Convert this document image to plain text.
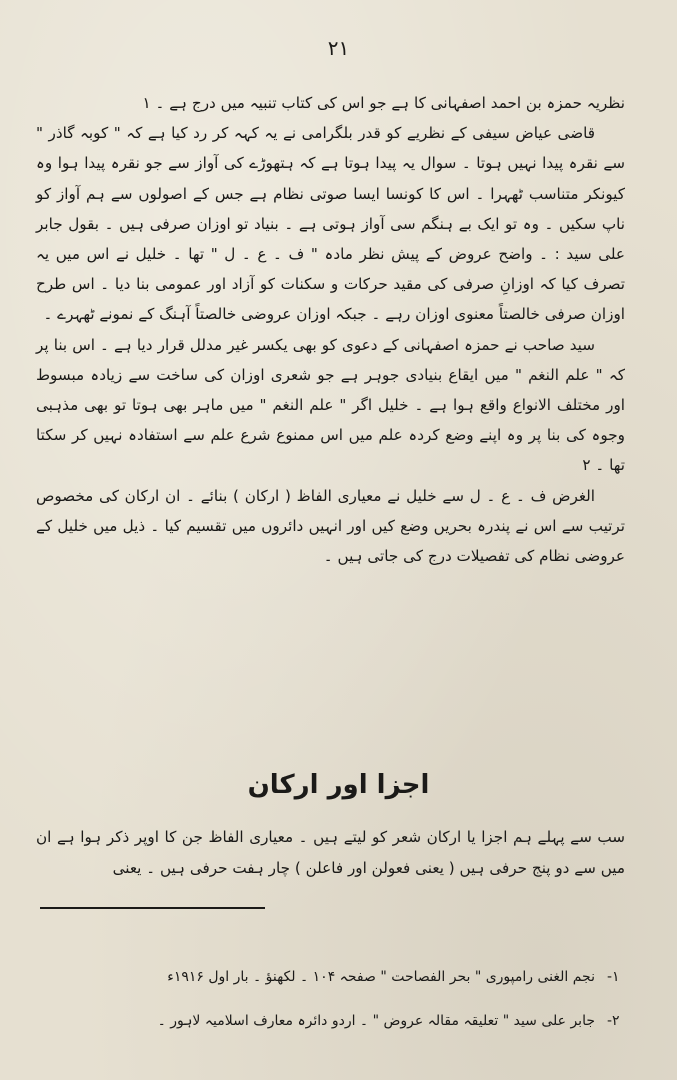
۲۱

نظریہ حمزہ بن احمد اصفہانی کا ہے جو اس کی کتاب تنبیہ میں درج ہے ۔ ١

قاضی عیاض سیفی کے نظریے کو قدر بلگرامی نے یہ کہہ کر رد کیا ہے کہ " کوبہ گاذر " سے نقرہ پیدا نہیں ہوتا ۔ سوال یہ پیدا ہوتا ہے کہ ہتھوڑے کی آواز سے جو نقرہ پیدا ہوا وہ کیونکر متناسب ٹھہرا ۔ اس کا کونسا ایسا صوتی نظام ہے جس کے اصولوں سے ہم آواز کو ناپ سکیں ۔ وہ تو ایک بے ہنگم سی آواز ہوتی ہے ۔ بنیاد تو اوزان صرفی ہیں ۔ بقول جابر علی سید : ۔ واضح عروض کے پیش نظر مادہ " ف ۔ ع ۔ ل " تھا ۔ خلیل نے اس میں یہ تصرف کیا کہ اوزانِ صرفی کی مقید حرکات و سکنات کو آزاد اور عمومی بنا دیا ۔ اس طرح اوزان صرفی خالصتاً معنوی اوزان رہے ۔ جبکہ اوزان عروضی خالصتاً آہنگ کے نمونے ٹھہرے ۔

سید صاحب نے حمزہ اصفہانی کے دعوی کو بھی یکسر غیر مدلل قرار دیا ہے ۔ اس بنا پر کہ " علم النغم " میں ایقاع بنیادی جوہر ہے جو شعری اوزان کی ساخت سے زیادہ مبسوط اور مختلف الانواع واقع ہوا ہے ۔ خلیل اگر " علم النغم " میں ماہر بھی ہوتا تو بھی مذہبی وجوہ کی بنا پر وہ اپنے وضع کردہ علم میں اس ممنوع شرع علم سے استفادہ نہیں کر سکتا تھا ۔ ٢

الغرض ف ۔ ع ۔ ل سے خلیل نے معیاری الفاظ ( ارکان ) بنائے ۔ ان ارکان کی مخصوص ترتیب سے اس نے پندرہ بحریں وضع کیں اور انہیں دائروں میں تقسیم کیا ۔ ذیل میں خلیل کے عروضی نظام کی تفصیلات درج کی جاتی ہیں ۔

اجزا اور ارکان

سب سے پہلے ہم اجزا یا ارکان شعر کو لیتے ہیں ۔ معیاری الفاظ جن کا اوپر ذکر ہوا ہے ان میں سے دو پنج حرفی ہیں ( یعنی فعولن اور فاعلن ) چار ہفت حرفی ہیں ۔ یعنی

-۱
نجم الغنی رامپوری " بحر الفصاحت " صفحہ ۱۰۴ ۔ لکھنؤ ۔ بار اول ۱۹۱۶ء
-۲
جابر علی سید " تعلیقہ مقالہ عروض " ۔ اردو دائرہ معارف اسلامیہ لاہور ۔
